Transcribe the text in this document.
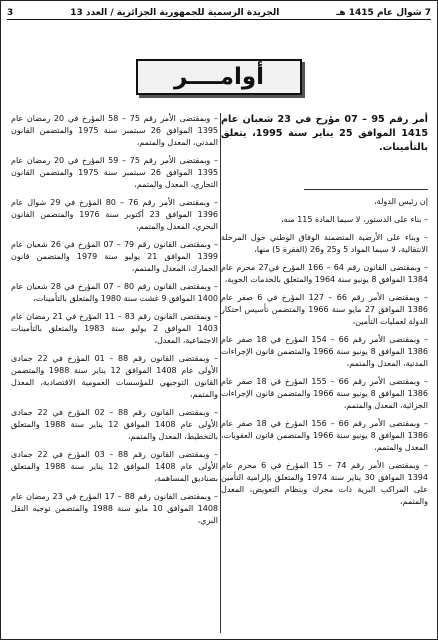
7 شوال عام 1415 هـ
الجريدة الرسمية للجمهورية الجزائرية / العدد 13
3
أوامــــر
أمر رقم 95 – 07 مؤرخ في 23 شعبان عام 1415 الموافق 25 يناير سنة 1995، يتعلق بالتأمينات.
إن رئيس الدولة،

– بناء على الدستور، لا سيما المادة 115 منه،

– وبناء على الأرضية المتضمنة الوفاق الوطني حول المرحلة الانتقالية، لا سيما المواد 5 و25 و26 (الفقرة 5) منها،

– وبمقتضى القانون رقم 64 – 166 المؤرخ في27 محرم عام 1384 الموافق 8 يونيو سنة 1964 والمتعلق بالخدمات الجوية،

– وبمقتضى الأمر رقم 66 – 127 المؤرخ في 6 صفر عام 1386 الموافق 27 مايو سنة 1966 والمتضمن تأسيس احتكار الدولة لعمليات التأمين،

– وبمقتضى الأمر رقم 66 – 154 المؤرخ في 18 صفر عام 1386 الموافق 8 يونيو سنة 1966 والمتضمن قانون الإجراءات المدنية، المعدل والمتمم،

– وبمقتضى الأمر رقم 66 – 155 المؤرخ في 18 صفر عام 1386 الموافق 8 يونيو سنة 1966 والمتضمن قانون الإجراءات الجزائية، المعدل والمتمم،

– وبمقتضى الأمر رقم 66 – 156 المؤرخ في 18 صفر عام 1386 الموافق 8 يونيو سنة 1966 والمتضمن قانون العقوبات، المعدل والمتمم،

– وبمقتضى الأمر رقم 74 – 15 المؤرخ في 6 محرم عام 1394 الموافق 30 يناير سنة 1974 والمتعلق بإلزامية التأمين على المراكب البرية ذات محرك وبنظام التعويض، المعدل والمتمم،

– وبمقتضى الأمر رقم 75 – 58 المؤرخ في 20 رمضان عام 1395 الموافق 26 سبتمبر سنة 1975 والمتضمن القانون المدني، المعدل والمتمم،

– وبمقتضى الأمر رقم 75 – 59 المؤرخ في 20 رمضان عام 1395 الموافق 26 سبتمبر سنة 1975 والمتضمن القانون التجاري، المعدل والمتمم،

– وبمقتضى الأمر رقم 76 – 80 المؤرخ في 29 شوال عام 1396 الموافق 23 أكتوبر سنة 1976 والمتضمن القانون البحري، المعدل والمتمم،

– وبمقتضى القانون رقم 79 – 07 المؤرخ في 26 شعبان عام 1399 الموافق 21 يوليو سنة 1979 والمتضمن قانون الجمارك، المعدل والمتمم،

– وبمقتضى القانون رقم 80 – 07 المؤرخ في 28 شعبان عام 1400 الموافق 9 غشت سنة 1980 والمتعلق بالتأمينات،

– وبمقتضى القانون رقم 83 – 11 المؤرخ في 21 رمضان عام 1403 الموافق 2 يوليو سنة 1983 والمتعلق بالتأمينات الاجتماعية، المعدل،

– وبمقتضى القانون رقم 88 – 01 المؤرخ في 22 جمادى الأولى عام 1408 الموافق 12 يناير سنة 1988 والمتضمن القانون التوجيهي للمؤسسات العمومية الاقتصادية، المعدل والمتمم،

– وبمقتضى القانون رقم 88 – 02 المؤرخ في 22 جمادى الأولى عام 1408 الموافق 12 يناير سنة 1988 والمتعلق بالتخطيط، المعدل والمتمم،

– وبمقتضى القانون رقم 88 – 03 المؤرخ في 22 جمادى الأولى عام 1408 الموافق 12 يناير سنة 1988 والمتعلق بصناديق المساهمة،

– وبمقتضى القانون رقم 88 – 17 المؤرخ في 23 رمضان عام 1408 الموافق 10 مايو سنة 1988 والمتضمن توجيه النقل البري،
